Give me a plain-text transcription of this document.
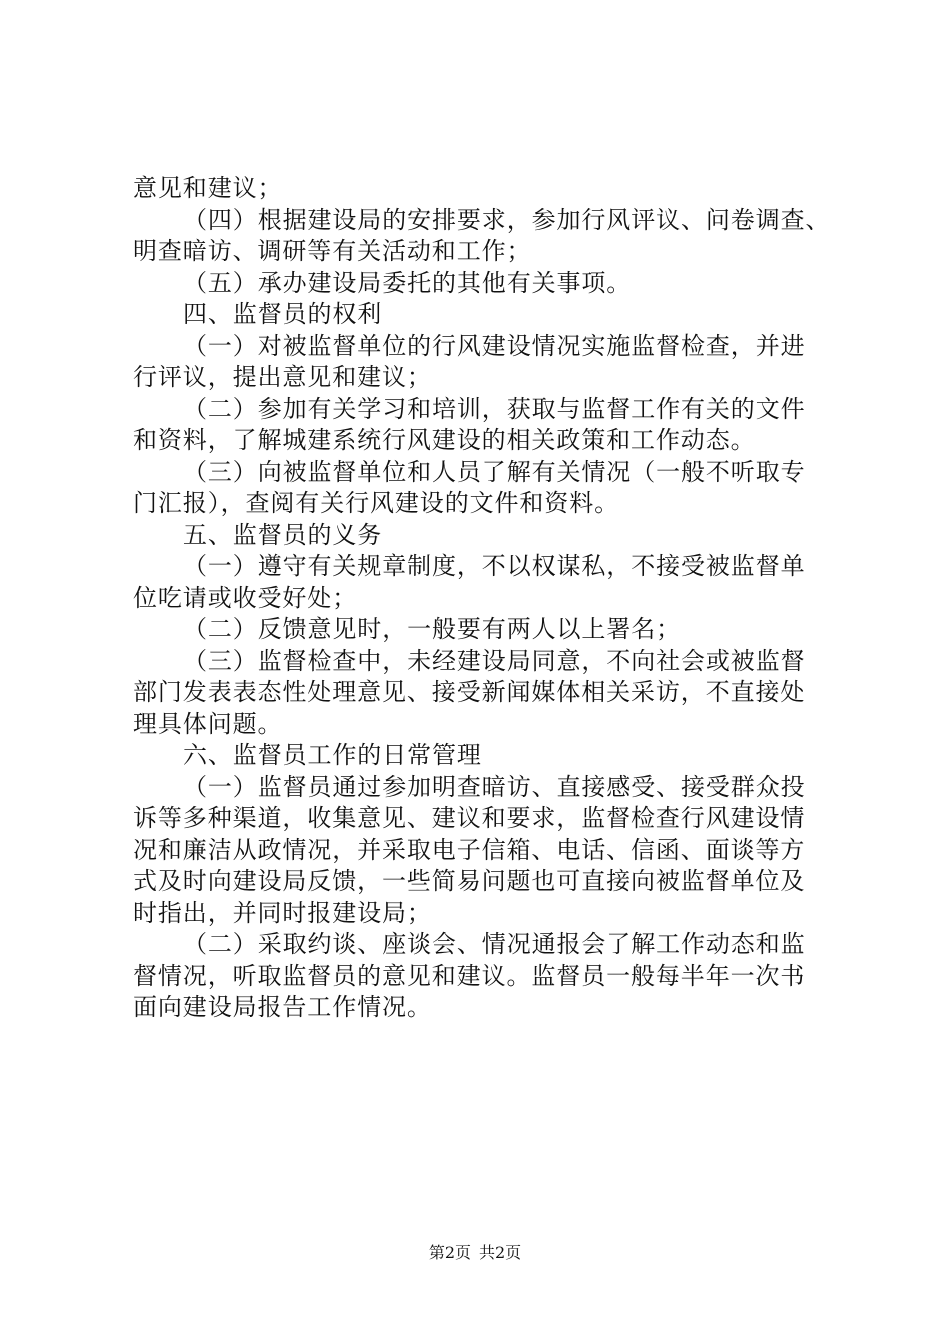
意见和建议；
（四）根据建设局的安排要求，参加行风评议、问卷调查、
明查暗访、调研等有关活动和工作；
（五）承办建设局委托的其他有关事项。
四、监督员的权利
（一）对被监督单位的行风建设情况实施监督检查，并进
行评议，提出意见和建议；
（二）参加有关学习和培训，获取与监督工作有关的文件
和资料，了解城建系统行风建设的相关政策和工作动态。
（三）向被监督单位和人员了解有关情况（一般不听取专
门汇报），查阅有关行风建设的文件和资料。
五、监督员的义务
（一）遵守有关规章制度，不以权谋私，不接受被监督单
位吃请或收受好处；
（二）反馈意见时，一般要有两人以上署名；
（三）监督检查中，未经建设局同意，不向社会或被监督
部门发表表态性处理意见、接受新闻媒体相关采访，不直接处
理具体问题。
六、监督员工作的日常管理
（一）监督员通过参加明查暗访、直接感受、接受群众投
诉等多种渠道，收集意见、建议和要求，监督检查行风建设情
况和廉洁从政情况，并采取电子信箱、电话、信函、面谈等方
式及时向建设局反馈，一些简易问题也可直接向被监督单位及
时指出，并同时报建设局；
（二）采取约谈、座谈会、情况通报会了解工作动态和监
督情况，听取监督员的意见和建议。监督员一般每半年一次书
面向建设局报告工作情况。
第2页 共2页
